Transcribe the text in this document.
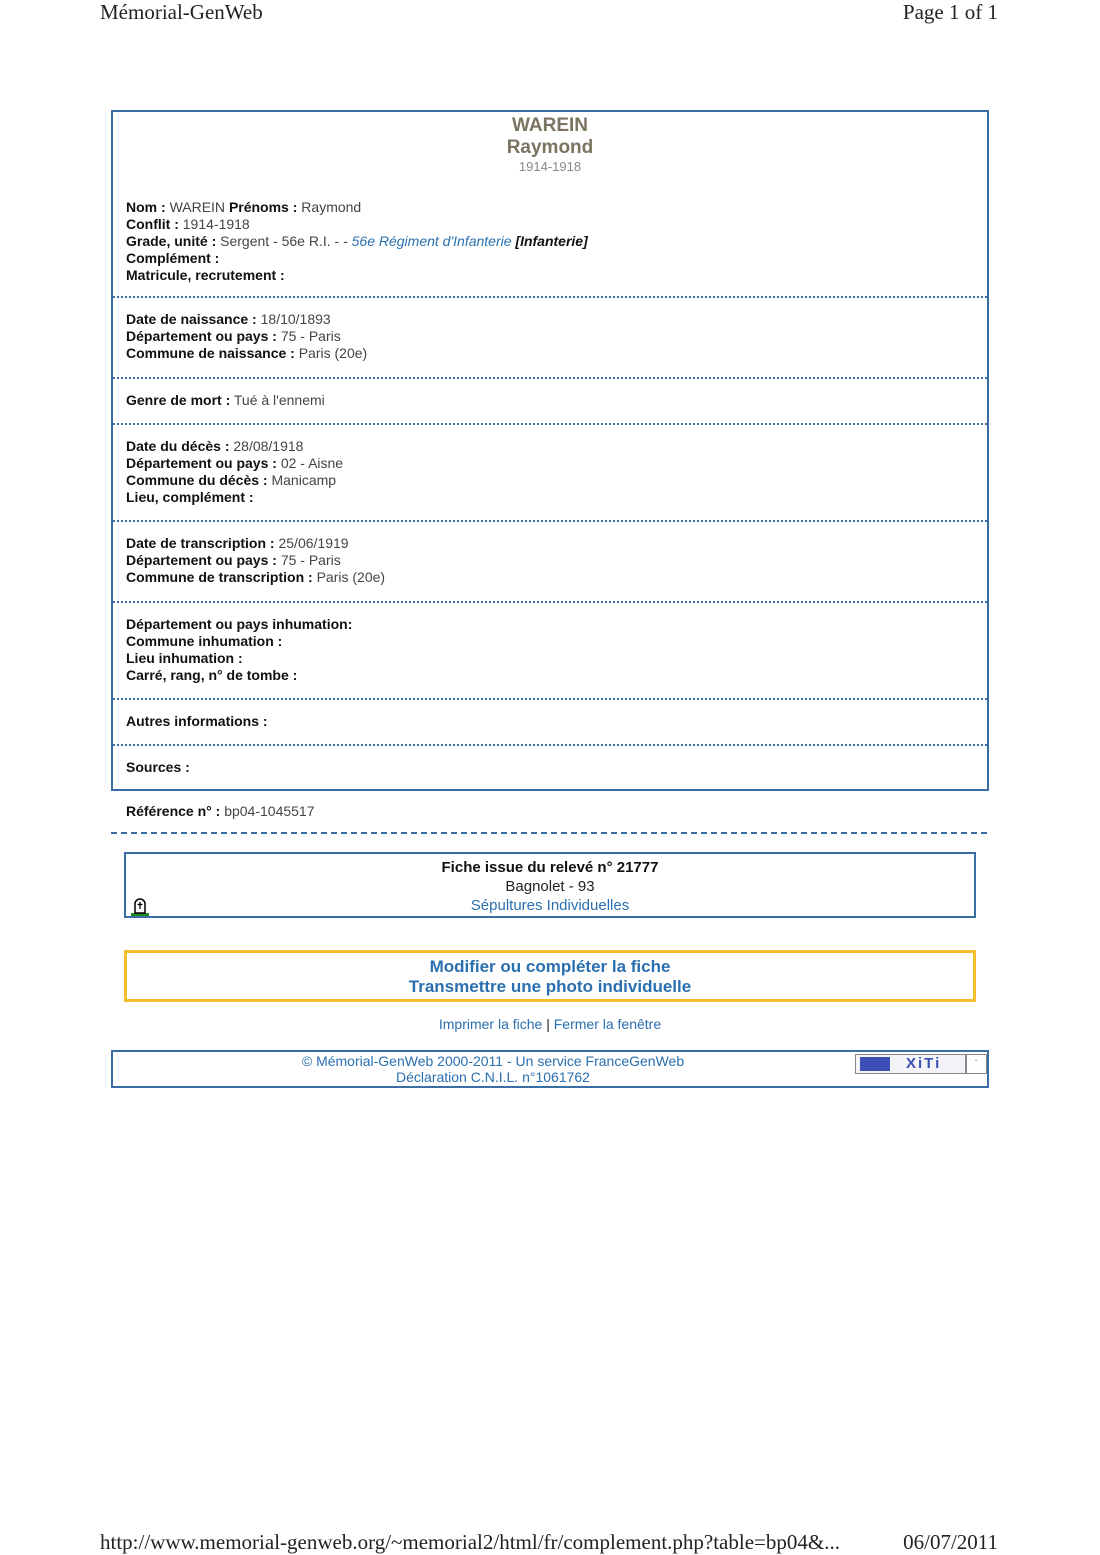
Mémorial-GenWeb	Page 1 of 1
WAREIN
Raymond
1914-1918
Nom : WAREIN Prénoms : Raymond
Conflit : 1914-1918
Grade, unité : Sergent - 56e R.I. - - 56e Régiment d'Infanterie [Infanterie]
Complément :
Matricule, recrutement :
Date de naissance : 18/10/1893
Département ou pays : 75 - Paris
Commune de naissance : Paris (20e)
Genre de mort : Tué à l'ennemi
Date du décès : 28/08/1918
Département ou pays : 02 - Aisne
Commune du décès : Manicamp
Lieu, complément :
Date de transcription : 25/06/1919
Département ou pays : 75 - Paris
Commune de transcription : Paris (20e)
Département ou pays inhumation:
Commune inhumation :
Lieu inhumation :
Carré, rang, n° de tombe :
Autres informations :
Sources :
Référence n° : bp04-1045517
Fiche issue du relevé n° 21777
Bagnolet - 93
Sépultures Individuelles
Modifier ou compléter la fiche
Transmettre une photo individuelle
Imprimer la fiche | Fermer la fenêtre
© Mémorial-GenWeb 2000-2011 - Un service FranceGenWeb
Déclaration C.N.I.L. n°1061762
XiTi	·
http://www.memorial-genweb.org/~memorial2/html/fr/complement.php?table=bp04&...	06/07/2011
